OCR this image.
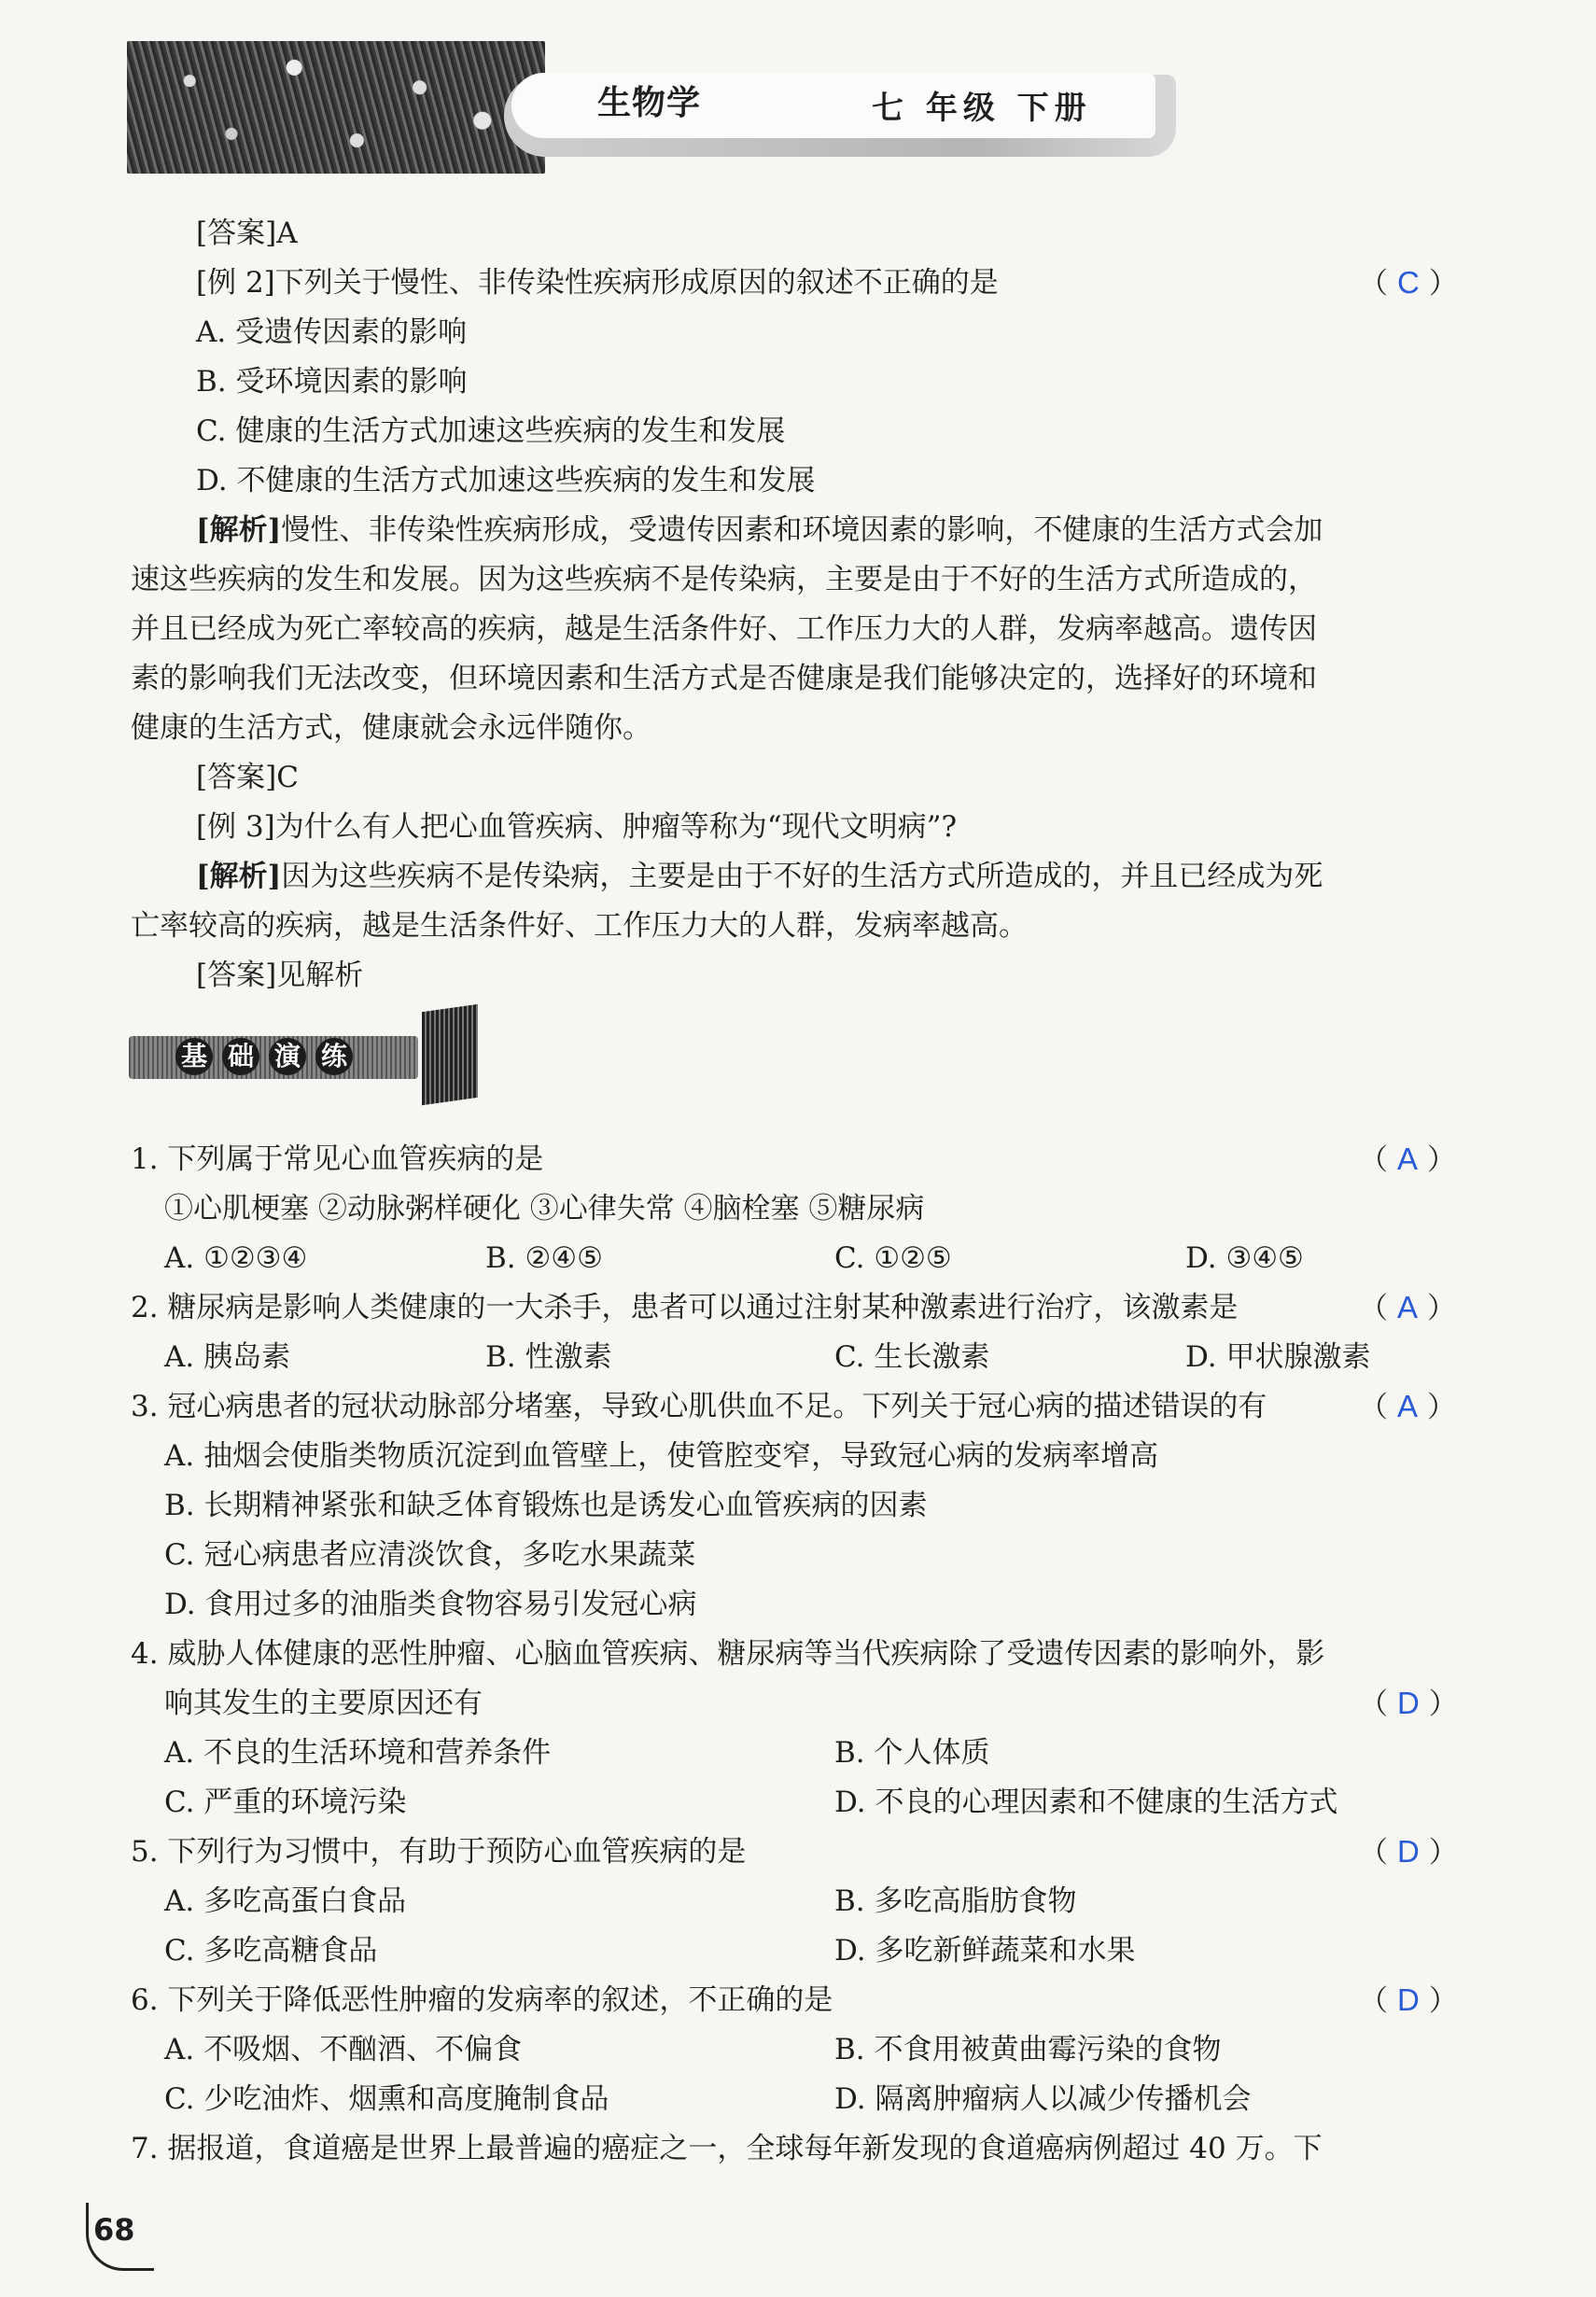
生物学	七 年级 下册
[答案]A
[例 2]下列关于慢性、非传染性疾病形成原因的叙述不正确的是	（ C ）
A. 受遗传因素的影响
B. 受环境因素的影响
C. 健康的生活方式加速这些疾病的发生和发展
D. 不健康的生活方式加速这些疾病的发生和发展
[解析]慢性、非传染性疾病形成，受遗传因素和环境因素的影响，不健康的生活方式会加
速这些疾病的发生和发展。因为这些疾病不是传染病，主要是由于不好的生活方式所造成的，
并且已经成为死亡率较高的疾病，越是生活条件好、工作压力大的人群，发病率越高。遗传因
素的影响我们无法改变，但环境因素和生活方式是否健康是我们能够决定的，选择好的环境和
健康的生活方式，健康就会永远伴随你。
[答案]C
[例 3]为什么有人把心血管疾病、肿瘤等称为“现代文明病”?
[解析]因为这些疾病不是传染病，主要是由于不好的生活方式所造成的，并且已经成为死
亡率较高的疾病，越是生活条件好、工作压力大的人群，发病率越高。
[答案]见解析
基 础 演 练
1. 下列属于常见心血管疾病的是	（ A ）
①心肌梗塞 ②动脉粥样硬化 ③心律失常 ④脑栓塞 ⑤糖尿病
A. ①②③④	B. ②④⑤	C. ①②⑤	D. ③④⑤
2. 糖尿病是影响人类健康的一大杀手，患者可以通过注射某种激素进行治疗，该激素是	（ A ）
A. 胰岛素	B. 性激素	C. 生长激素	D. 甲状腺激素
3. 冠心病患者的冠状动脉部分堵塞，导致心肌供血不足。下列关于冠心病的描述错误的有	（ A ）
A. 抽烟会使脂类物质沉淀到血管壁上，使管腔变窄，导致冠心病的发病率增高
B. 长期精神紧张和缺乏体育锻炼也是诱发心血管疾病的因素
C. 冠心病患者应清淡饮食，多吃水果蔬菜
D. 食用过多的油脂类食物容易引发冠心病
4. 威胁人体健康的恶性肿瘤、心脑血管疾病、糖尿病等当代疾病除了受遗传因素的影响外，影
响其发生的主要原因还有	（ D ）
A. 不良的生活环境和营养条件	B. 个人体质
C. 严重的环境污染	D. 不良的心理因素和不健康的生活方式
5. 下列行为习惯中，有助于预防心血管疾病的是	（ D ）
A. 多吃高蛋白食品	B. 多吃高脂肪食物
C. 多吃高糖食品	D. 多吃新鲜蔬菜和水果
6. 下列关于降低恶性肿瘤的发病率的叙述，不正确的是	（ D ）
A. 不吸烟、不酗酒、不偏食	B. 不食用被黄曲霉污染的食物
C. 少吃油炸、烟熏和高度腌制食品	D. 隔离肿瘤病人以减少传播机会
7. 据报道，食道癌是世界上最普遍的癌症之一，全球每年新发现的食道癌病例超过 40 万。下
68
